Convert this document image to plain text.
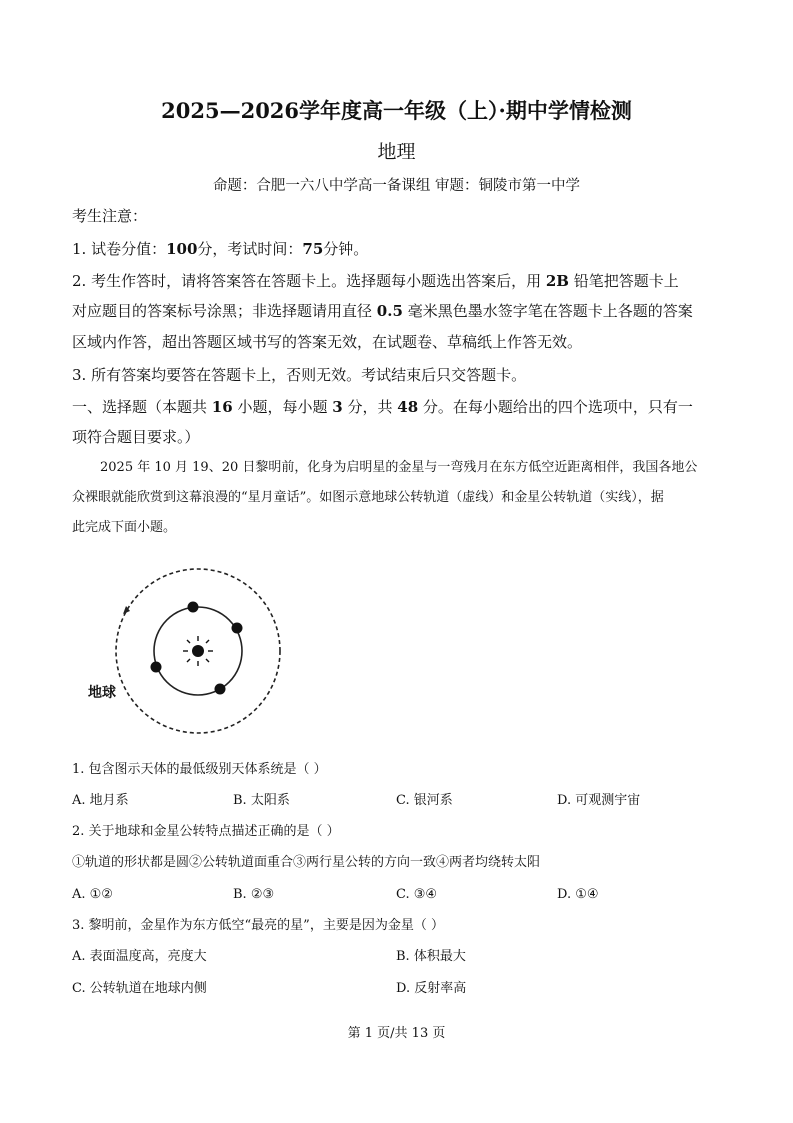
2025—2026学年度高一年级（上）·期中学情检测
地理
命题：合肥一六八中学高一备课组 审题：铜陵市第一中学
考生注意：
1. 试卷分值：100分，考试时间：75分钟。
2. 考生作答时，请将答案答在答题卡上。选择题每小题选出答案后，用 2B 铅笔把答题卡上
对应题目的答案标号涂黑；非选择题请用直径 0.5 毫米黑色墨水签字笔在答题卡上各题的答案
区域内作答，超出答题区域书写的答案无效，在试题卷、草稿纸上作答无效。
3. 所有答案均要答在答题卡上，否则无效。考试结束后只交答题卡。
一、选择题（本题共 16 小题，每小题 3 分，共 48 分。在每小题给出的四个选项中，只有一
项符合题目要求。）
2025 年 10 月 19、20 日黎明前，化身为启明星的金星与一弯残月在东方低空近距离相伴，我国各地公
众裸眼就能欣赏到这幕浪漫的“星月童话”。如图示意地球公转轨道（虚线）和金星公转轨道（实线），据
此完成下面小题。
地球
1. 包含图示天体的最低级别天体系统是（ ）
A. 地月系	B. 太阳系	C. 银河系	D. 可观测宇宙
2. 关于地球和金星公转特点描述正确的是（ ）
①轨道的形状都是圆②公转轨道面重合③两行星公转的方向一致④两者均绕转太阳
A. ①②	B. ②③	C. ③④	D. ①④
3. 黎明前，金星作为东方低空“最亮的星”，主要是因为金星（ ）
A. 表面温度高，亮度大	B. 体积最大
C. 公转轨道在地球内侧	D. 反射率高
第 1 页/共 13 页
